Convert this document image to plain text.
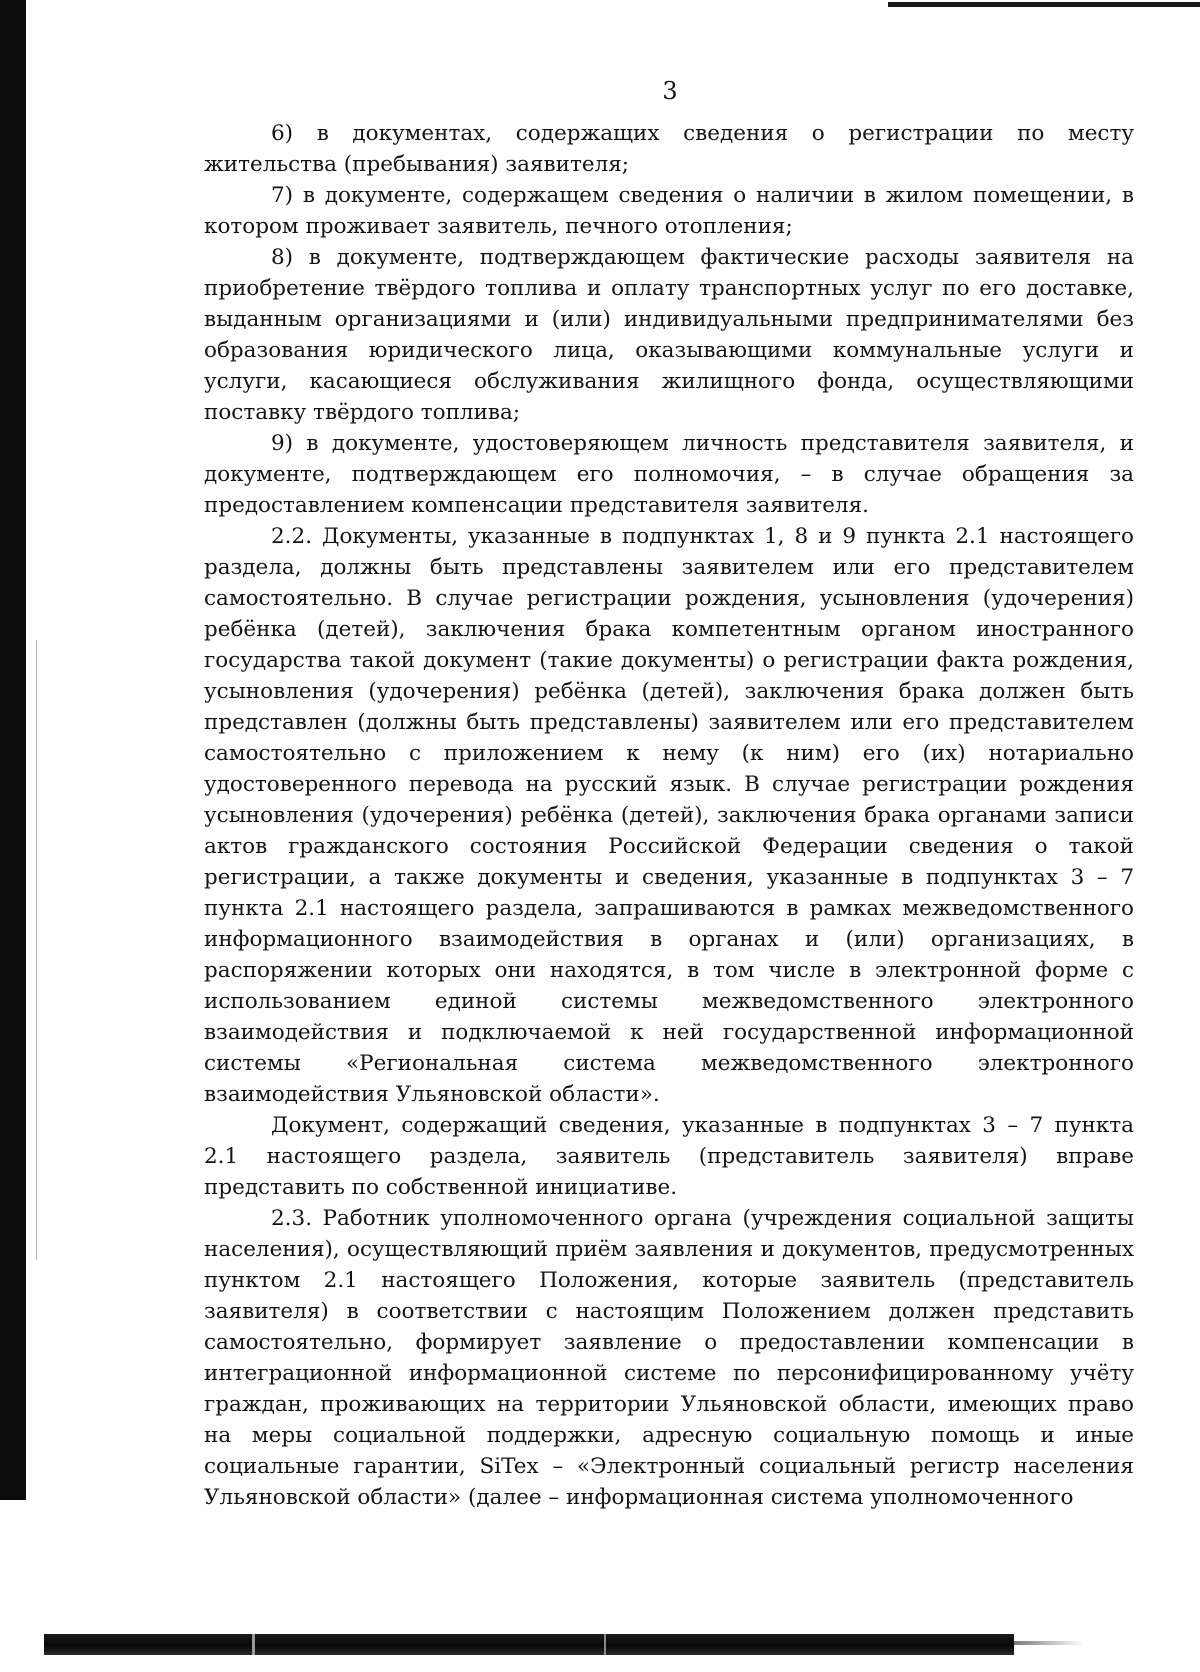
3

6) в документах, содержащих сведения о регистрации по месту жительства (пребывания) заявителя;

7) в документе, содержащем сведения о наличии в жилом помещении, в котором проживает заявитель, печного отопления;

8) в документе, подтверждающем фактические расходы заявителя на приобретение твёрдого топлива и оплату транспортных услуг по его доставке, выданным организациями и (или) индивидуальными предпринимателями без образования юридического лица, оказывающими коммунальные услуги и услуги, касающиеся обслуживания жилищного фонда, осуществляющими поставку твёрдого топлива;

9) в документе, удостоверяющем личность представителя заявителя, и документе, подтверждающем его полномочия, – в случае обращения за предоставлением компенсации представителя заявителя.

2.2. Документы, указанные в подпунктах 1, 8 и 9 пункта 2.1 настоящего раздела, должны быть представлены заявителем или его представителем самостоятельно. В случае регистрации рождения, усыновления (удочерения) ребёнка (детей), заключения брака компетентным органом иностранного государства такой документ (такие документы) о регистрации факта рождения, усыновления (удочерения) ребёнка (детей), заключения брака должен быть представлен (должны быть представлены) заявителем или его представителем самостоятельно с приложением к нему (к ним) его (их) нотариально удостоверенного перевода на русский язык. В случае регистрации рождения усыновления (удочерения) ребёнка (детей), заключения брака органами записи актов гражданского состояния Российской Федерации сведения о такой регистрации, а также документы и сведения, указанные в подпунктах 3 – 7 пункта 2.1 настоящего раздела, запрашиваются в рамках межведомственного информационного взаимодействия в органах и (или) организациях, в распоряжении которых они находятся, в том числе в электронной форме с использованием единой системы межведомственного электронного взаимодействия и подключаемой к ней государственной информационной системы «Региональная система межведомственного электронного взаимодействия Ульяновской области».

Документ, содержащий сведения, указанные в подпунктах 3 – 7 пункта 2.1 настоящего раздела, заявитель (представитель заявителя) вправе представить по собственной инициативе.

2.3. Работник уполномоченного органа (учреждения социальной защиты населения), осуществляющий приём заявления и документов, предусмотренных пунктом 2.1 настоящего Положения, которые заявитель (представитель заявителя) в соответствии с настоящим Положением должен представить самостоятельно, формирует заявление о предоставлении компенсации в интеграционной информационной системе по персонифицированному учёту граждан, проживающих на территории Ульяновской области, имеющих право на меры социальной поддержки, адресную социальную помощь и иные социальные гарантии, SiTex – «Электронный социальный регистр населения Ульяновской области» (далее – информационная система уполномоченного
